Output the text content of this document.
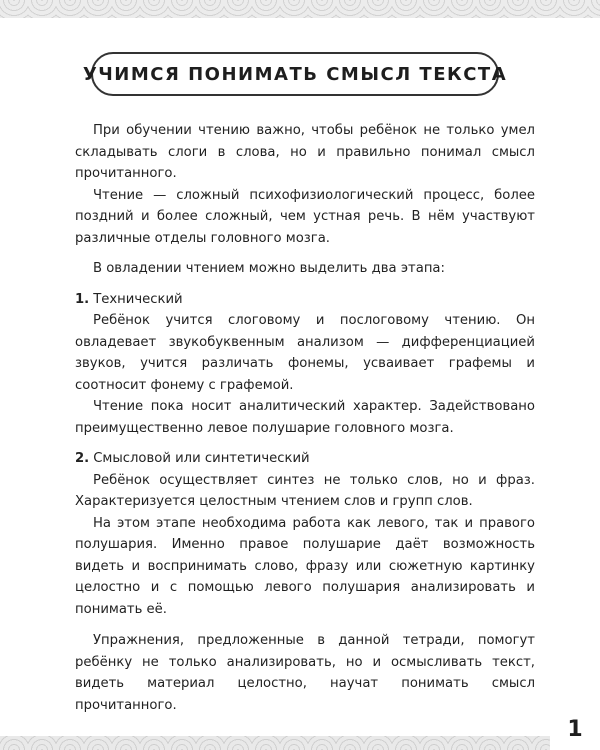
УЧИМСЯ ПОНИМАТЬ СМЫСЛ ТЕКСТА

При обучении чтению важно, чтобы ребёнок не только умел складывать слоги в слова, но и правильно понимал смысл прочитанного.

Чтение — сложный психофизиологический процесс, более поздний и более сложный, чем устная речь. В нём участвуют различные отделы головного мозга.

В овладении чтением можно выделить два этапа:

1. Технический

Ребёнок учится слоговому и послоговому чтению. Он овладевает звукобуквенным анализом — дифференциацией звуков, учится различать фонемы, усваивает графемы и соотносит фонему с графемой.

Чтение пока носит аналитический характер. Задействовано преимущественно левое полушарие головного мозга.

2. Смысловой или синтетический

Ребёнок осуществляет синтез не только слов, но и фраз. Характеризуется целостным чтением слов и групп слов.

На этом этапе необходима работа как левого, так и правого полушария. Именно правое полушарие даёт возможность видеть и воспринимать слово, фразу или сюжетную картинку целостно и с помощью левого полушария анализировать и понимать её.

Упражнения, предложенные в данной тетради, помогут ребёнку не только анализировать, но и осмысливать текст, видеть материал целостно, научат понимать смысл прочитанного.

1
